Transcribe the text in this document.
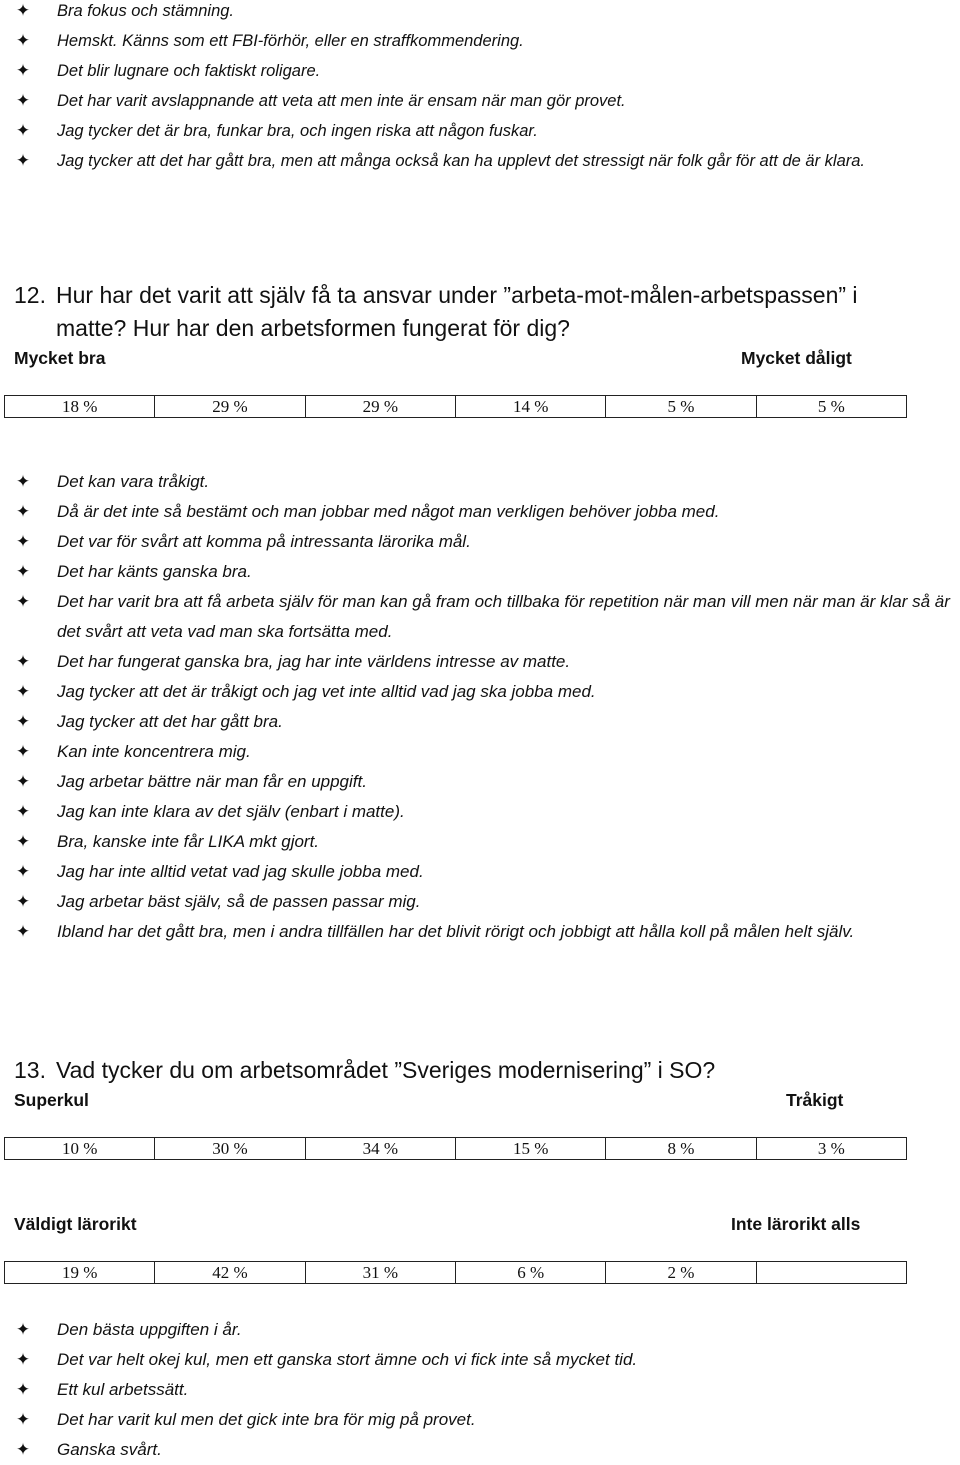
✦ Bra fokus och stämning.
✦ Hemskt. Känns som ett FBI-förhör, eller en straffkommendering.
✦ Det blir lugnare och faktiskt roligare.
✦ Det har varit avslappnande att veta att men inte är ensam när man gör provet.
✦ Jag tycker det är bra, funkar bra, och ingen riska att någon fuskar.
✦ Jag tycker att det har gått bra, men att många också kan ha upplevt det stressigt när folk går för att de är klara.
12. Hur har det varit att själv få ta ansvar under ”arbeta-mot-målen-arbetspassen” i
matte? Hur har den arbetsformen fungerat för dig?
Mycket bra	Mycket dåligt
18 %	29 %	29 %	14 %	5 %	5 %
✦ Det kan vara tråkigt.
✦ Då är det inte så bestämt och man jobbar med något man verkligen behöver jobba med.
✦ Det var för svårt att komma på intressanta lärorika mål.
✦ Det har känts ganska bra.
✦ Det har varit bra att få arbeta själv för man kan gå fram och tillbaka för repetition när man vill men när man är klar så är det svårt att veta vad man ska fortsätta med.
✦ Det har fungerat ganska bra, jag har inte världens intresse av matte.
✦ Jag tycker att det är tråkigt och jag vet inte alltid vad jag ska jobba med.
✦ Jag tycker att det har gått bra.
✦ Kan inte koncentrera mig.
✦ Jag arbetar bättre när man får en uppgift.
✦ Jag kan inte klara av det själv (enbart i matte).
✦ Bra, kanske inte får LIKA mkt gjort.
✦ Jag har inte alltid vetat vad jag skulle jobba med.
✦ Jag arbetar bäst själv, så de passen passar mig.
✦ Ibland har det gått bra, men i andra tillfällen har det blivit rörigt och jobbigt att hålla koll på målen helt själv.
13. Vad tycker du om arbetsområdet ”Sveriges modernisering” i SO?
Superkul	Tråkigt
10 %	30 %	34 %	15 %	8 %	3 %
Väldigt lärorikt	Inte lärorikt alls
19 %	42 %	31 %	6 %	2 %	
✦ Den bästa uppgiften i år.
✦ Det var helt okej kul, men ett ganska stort ämne och vi fick inte så mycket tid.
✦ Ett kul arbetssätt.
✦ Det har varit kul men det gick inte bra för mig på provet.
✦ Ganska svårt.
